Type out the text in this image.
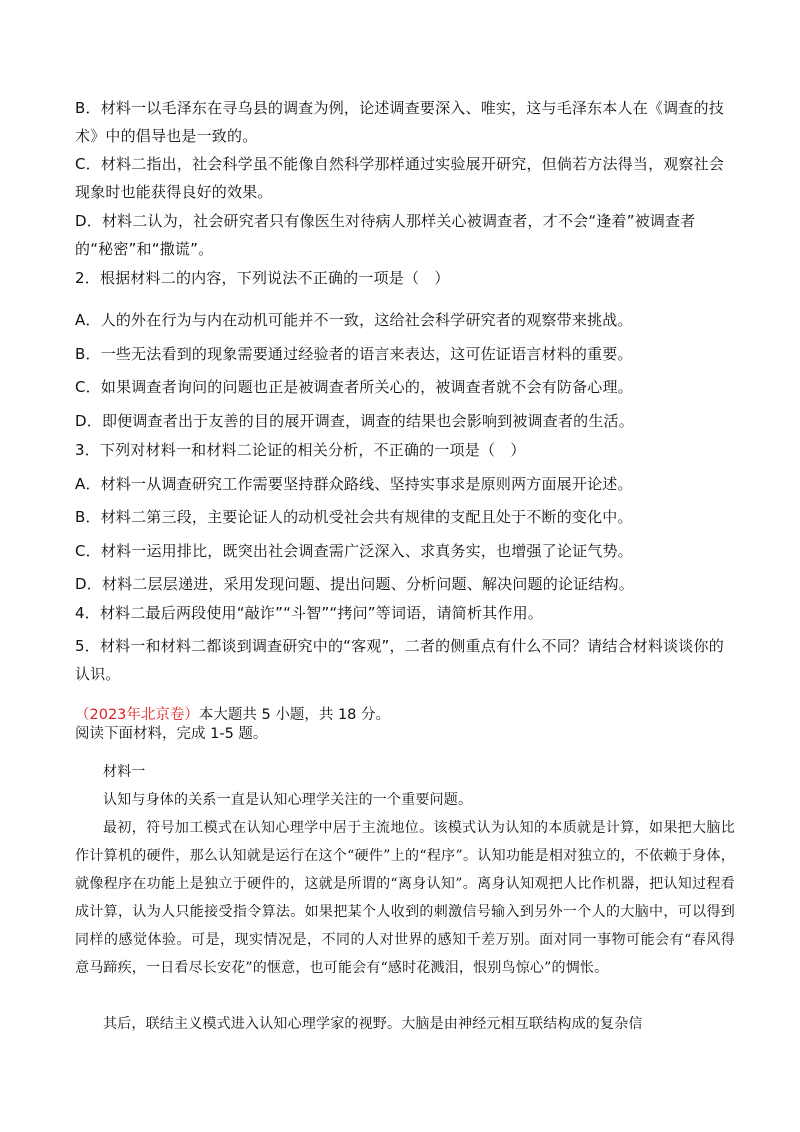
B．材料一以毛泽东在寻乌县的调查为例，论述调查要深入、唯实，这与毛泽东本人在《调查的技术》中的倡导也是一致的。
C．材料二指出，社会科学虽不能像自然科学那样通过实验展开研究，但倘若方法得当，观察社会现象时也能获得良好的效果。
D．材料二认为，社会研究者只有像医生对待病人那样关心被调查者，才不会“逢着”被调查者的“秘密”和“撒谎”。
2．根据材料二的内容，下列说法不正确的一项是（　）
A．人的外在行为与内在动机可能并不一致，这给社会科学研究者的观察带来挑战。
B．一些无法看到的现象需要通过经验者的语言来表达，这可佐证语言材料的重要。
C．如果调查者询问的问题也正是被调查者所关心的，被调查者就不会有防备心理。
D．即便调查者出于友善的目的展开调查，调查的结果也会影响到被调查者的生活。
3．下列对材料一和材料二论证的相关分析，不正确的一项是（　）
A．材料一从调查研究工作需要坚持群众路线、坚持实事求是原则两方面展开论述。
B．材料二第三段，主要论证人的动机受社会共有规律的支配且处于不断的变化中。
C．材料一运用排比，既突出社会调查需广泛深入、求真务实，也增强了论证气势。
D．材料二层层递进，采用发现问题、提出问题、分析问题、解决问题的论证结构。
4．材料二最后两段使用“敲诈”“斗智”“拷问”等词语，请简析其作用。
5．材料一和材料二都谈到调查研究中的“客观”，二者的侧重点有什么不同？请结合材料谈谈你的认识。
（2023年北京卷）本大题共 5 小题，共 18 分。
阅读下面材料，完成 1-5 题。
材料一
认知与身体的关系一直是认知心理学关注的一个重要问题。
最初，符号加工模式在认知心理学中居于主流地位。该模式认为认知的本质就是计算，如果把大脑比作计算机的硬件，那么认知就是运行在这个“硬件”上的“程序”。认知功能是相对独立的，不依赖于身体，就像程序在功能上是独立于硬件的，这就是所谓的“离身认知”。离身认知观把人比作机器，把认知过程看成计算，认为人只能接受指令算法。如果把某个人收到的刺激信号输入到另外一个人的大脑中，可以得到同样的感觉体验。可是，现实情况是，不同的人对世界的感知千差万别。面对同一事物可能会有“春风得意马蹄疾，一日看尽长安花”的惬意，也可能会有“感时花溅泪，恨别鸟惊心”的惆怅。
其后，联结主义模式进入认知心理学家的视野。大脑是由神经元相互联结构成的复杂信
